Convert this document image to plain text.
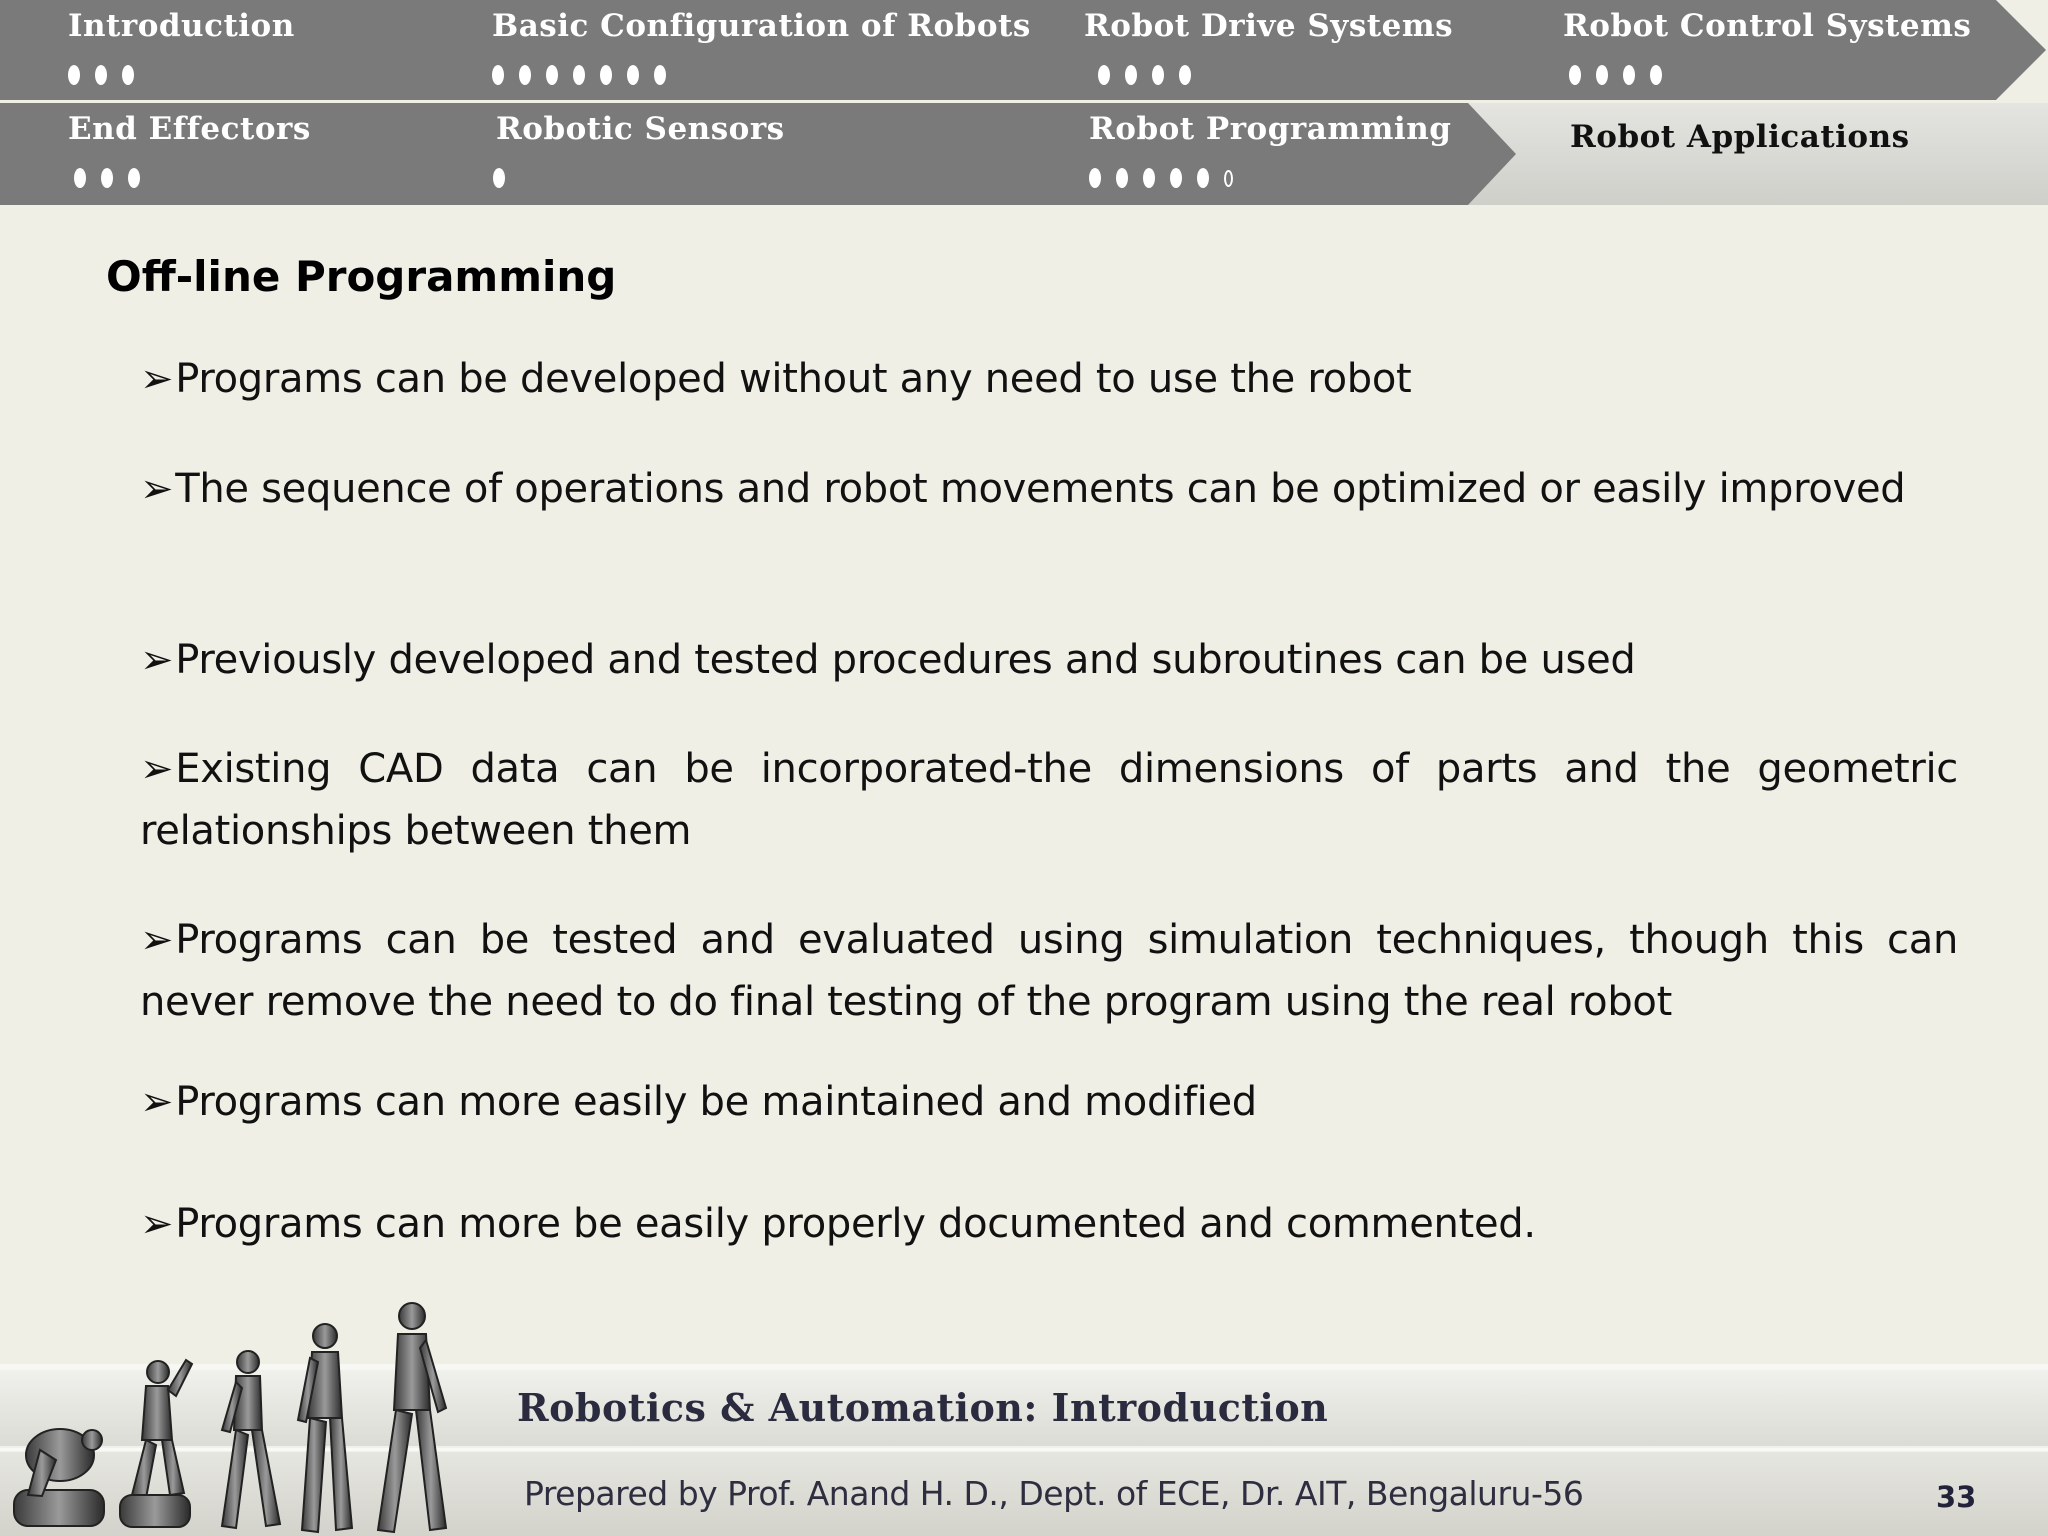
Introduction	Basic Configuration of Robots Robot Drive Systems	Robot Control Systems
End Effectors	Robotic Sensors	Robot Programming	Robot Applications
Off-line Programming
➢Programs can be developed without any need to use the robot
➢The sequence of operations and robot movements can be optimized or easily improved
➢Previously developed and tested procedures and subroutines can be used
➢Existing CAD data can be incorporated-the dimensions of parts and the geometric relationships between them
➢Programs can be tested and evaluated using simulation techniques, though this can never remove the need to do final testing of the program using the real robot
➢Programs can more easily be maintained and modified
➢Programs can more be easily properly documented and commented.
Robotics & Automation: Introduction
Prepared by Prof. Anand H. D., Dept. of ECE, Dr. AIT, Bengaluru-56	33
